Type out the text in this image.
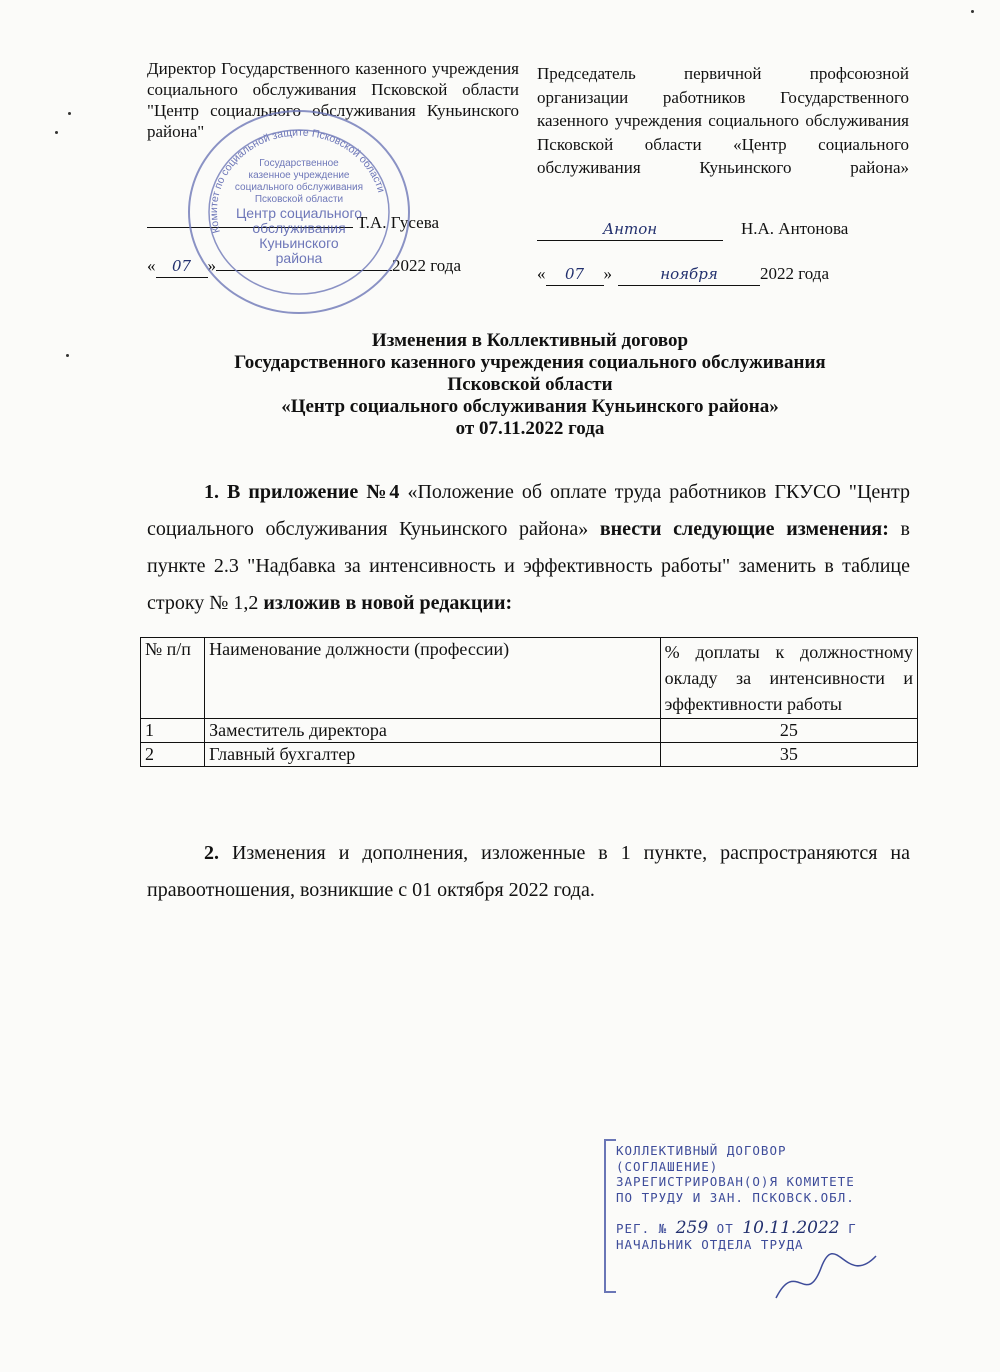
Директор Государственного казенного учреждения социального обслуживания Псковской области "Центр социального обслуживания Куньинского района"
Т.А. Гусева
«	07 »	2022 года
Комитет по социальной защите Псковской области
Государственное
казенное учреждение
социального обслуживания
Псковской области
Центр социального
обслуживания
Куньинского
района
Председатель первичной профсоюзной организации работников Государственного казенного учреждения социального обслуживания Псковской области «Центр социального обслуживания Куньинского района»
Антон	Н.А. Антонова
«	07	»	ноября	2022 года
Изменения в Коллективный договор
Государственного казенного учреждения социального обслуживания
Псковской области
«Центр социального обслуживания Куньинского района»
от 07.11.2022 года
1. В приложение №4 «Положение об оплате труда работников ГКУСО "Центр социального обслуживания Куньинского района» внести следующие изменения: в пункте 2.3 "Надбавка за интенсивность и эффективность работы" заменить в таблице строку № 1,2 изложив в новой редакции:
№ п/п	Наименование должности (профессии)	% доплаты к должностному окладу за интенсивности и эффективности работы
1	Заместитель директора	25
2	Главный бухгалтер	35
2. Изменения и дополнения, изложенные в 1 пункте, распространяются на правоотношения, возникшие с 01 октября 2022 года.
КОЛЛЕКТИВНЫЙ ДОГОВОР
(СОГЛАШЕНИЕ)
ЗАРЕГИСТРИРОВАН(О)Я КОМИТЕТЕ
ПО ТРУДУ И ЗАН. ПСКОВСК.ОБЛ.
РЕГ. № 259 ОТ 10.11.2022 Г
НАЧАЛЬНИК ОТДЕЛА ТРУДА
